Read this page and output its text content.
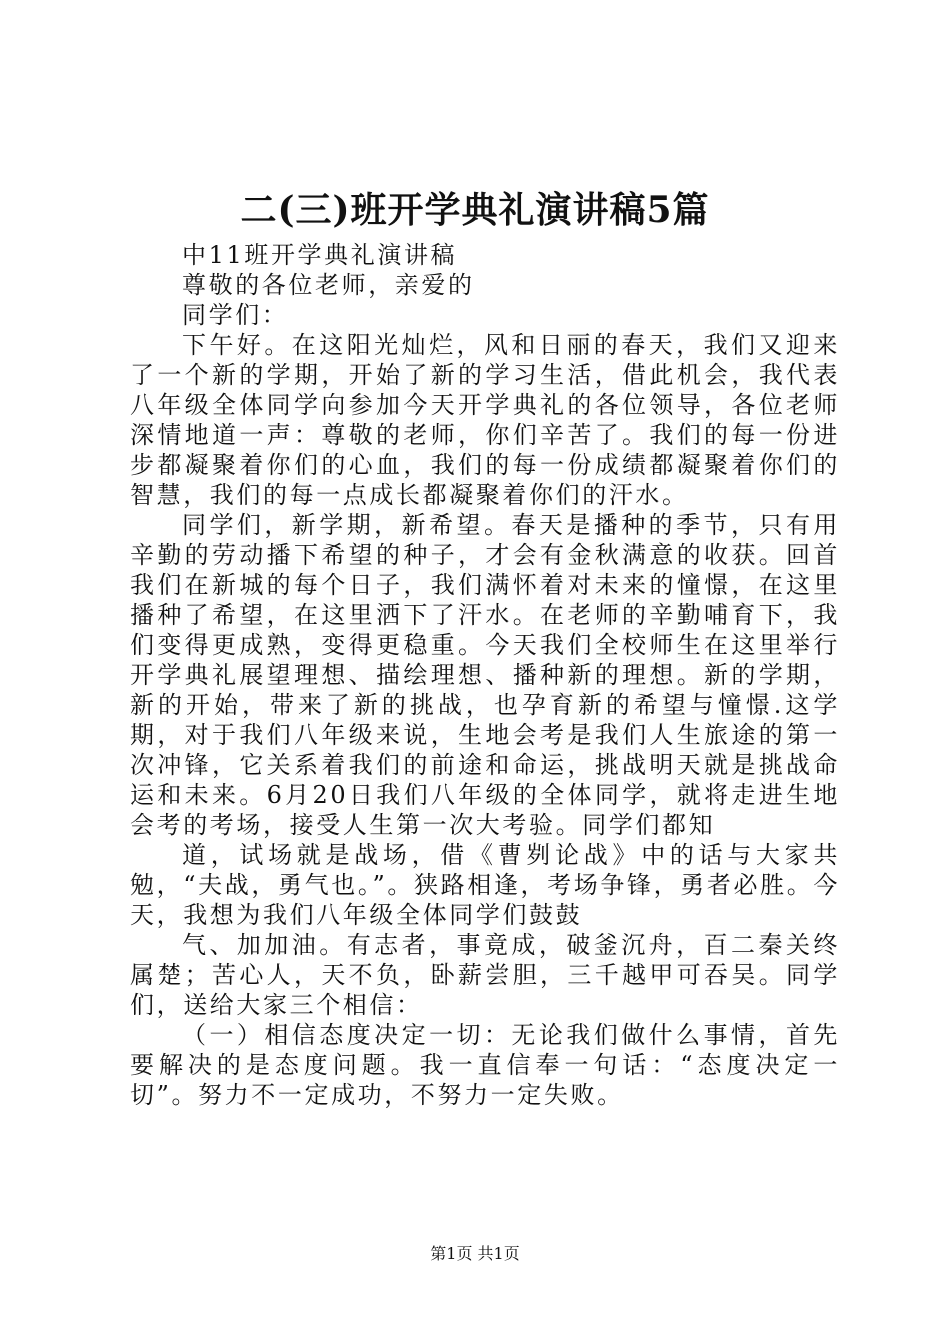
二(三)班开学典礼演讲稿5篇

中11班开学典礼演讲稿

尊敬的各位老师，亲爱的

同学们：

下午好。在这阳光灿烂，风和日丽的春天，我们又迎来了一个新的学期，开始了新的学习生活，借此机会，我代表八年级全体同学向参加今天开学典礼的各位领导，各位老师深情地道一声：尊敬的老师，你们辛苦了。我们的每一份进步都凝聚着你们的心血，我们的每一份成绩都凝聚着你们的智慧，我们的每一点成长都凝聚着你们的汗水。

同学们，新学期，新希望。春天是播种的季节，只有用辛勤的劳动播下希望的种子，才会有金秋满意的收获。回首我们在新城的每个日子，我们满怀着对未来的憧憬，在这里播种了希望，在这里洒下了汗水。在老师的辛勤哺育下，我们变得更成熟，变得更稳重。今天我们全校师生在这里举行开学典礼展望理想、描绘理想、播种新的理想。新的学期，新的开始，带来了新的挑战，也孕育新的希望与憧憬.这学期，对于我们八年级来说，生地会考是我们人生旅途的第一次冲锋，它关系着我们的前途和命运，挑战明天就是挑战命运和未来。6月20日我们八年级的全体同学，就将走进生地会考的考场，接受人生第一次大考验。同学们都知

道，试场就是战场，借《曹刿论战》中的话与大家共勉，“夫战，勇气也。”。狭路相逢，考场争锋，勇者必胜。今天，我想为我们八年级全体同学们鼓鼓

气、加加油。有志者，事竟成，破釜沉舟，百二秦关终属楚；苦心人，天不负，卧薪尝胆，三千越甲可吞吴。同学们，送给大家三个相信：

（一）相信态度决定一切：无论我们做什么事情，首先要解决的是态度问题。我一直信奉一句话：“态度决定一切”。努力不一定成功，不努力一定失败。

第1页 共1页
